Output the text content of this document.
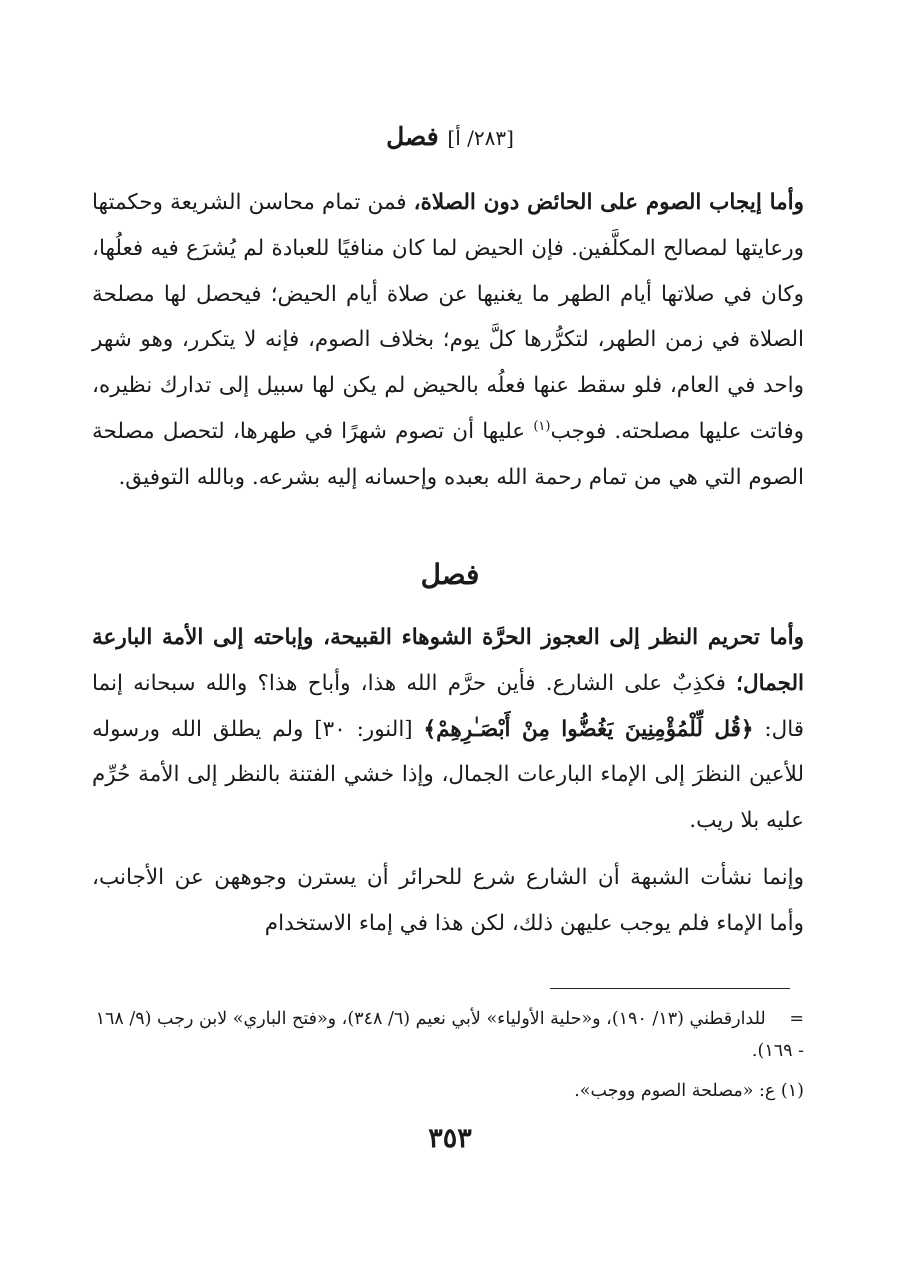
[٢٨٣/ أ] فصل
وأما إيجاب الصوم على الحائض دون الصلاة، فمن تمام محاسن الشريعة وحكمتها ورعايتها لمصالح المكلَّفين. فإن الحيض لما كان منافيًا للعبادة لم يُشرَع فيه فعلُها، وكان في صلاتها أيام الطهر ما يغنيها عن صلاة أيام الحيض؛ فيحصل لها مصلحة الصلاة في زمن الطهر، لتكرُّرها كلَّ يوم؛ بخلاف الصوم، فإنه لا يتكرر، وهو شهر واحد في العام، فلو سقط عنها فعلُه بالحيض لم يكن لها سبيل إلى تدارك نظيره، وفاتت عليها مصلحته. فوجب$^{(١)}$ عليها أن تصوم شهرًا في طهرها، لتحصل مصلحة الصوم التي هي من تمام رحمة الله بعبده وإحسانه إليه بشرعه. وبالله التوفيق.
فصل
وأما تحريم النظر إلى العجوز الحرَّة الشوهاء القبيحة، وإباحته إلى الأمة البارعة الجمال؛ فكذِبٌ على الشارع. فأين حرَّم الله هذا، وأباح هذا؟ والله سبحانه إنما قال: ﴿قُل لِّلْمُؤْمِنِينَ يَغُضُّوا مِنْ أَبْصَـٰرِهِمْ﴾ [النور: ٣٠] ولم يطلق الله ورسوله للأعين النظرَ إلى الإماء البارعات الجمال، وإذا خشي الفتنة بالنظر إلى الأمة حُرِّم عليه بلا ريب.
وإنما نشأت الشبهة أن الشارع شرع للحرائر أن يسترن وجوههن عن الأجانب، وأما الإماء فلم يوجب عليهن ذلك، لكن هذا في إماء الاستخدام
= للدارقطني (١٣/ ١٩٠)، و«حلية الأولياء» لأبي نعيم (٦/ ٣٤٨)، و«فتح الباري» لابن رجب (٩/ ١٦٨ - ١٦٩).
(١) ع: «مصلحة الصوم ووجب».
٣٥٣
